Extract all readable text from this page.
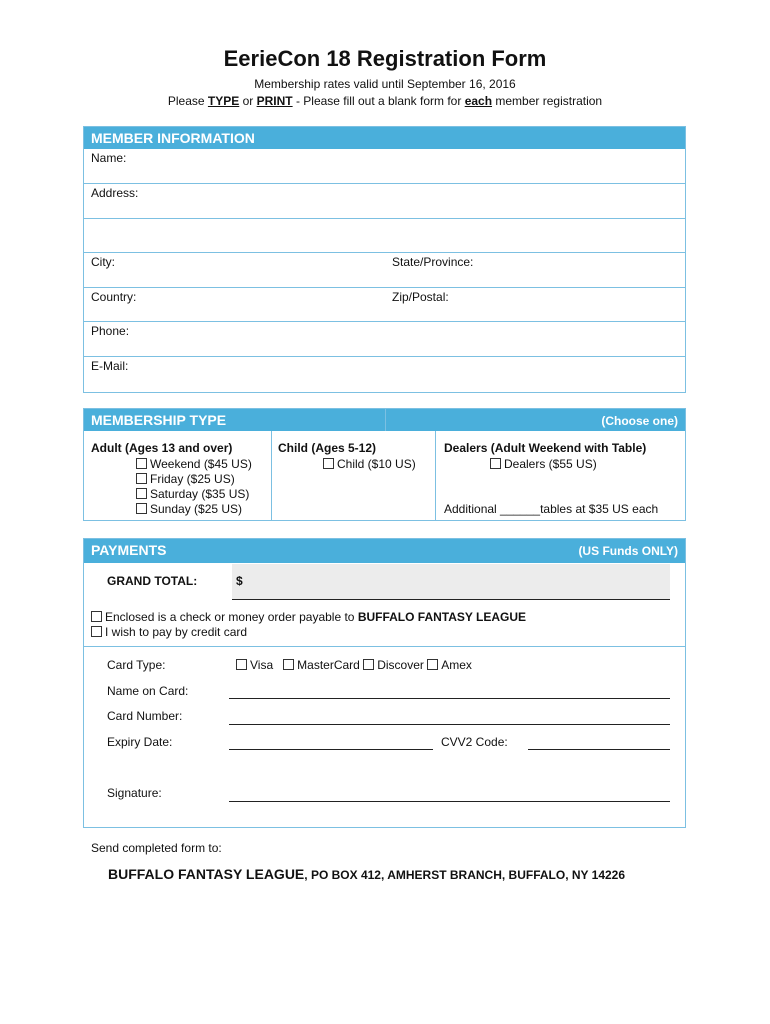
EerieCon 18 Registration Form
Membership rates valid until September 16, 2016
Please TYPE or PRINT - Please fill out a blank form for each member registration
MEMBER INFORMATION
Name:
Address:
City:	State/Province:
Country:	Zip/Postal:
Phone:
E-Mail:
MEMBERSHIP TYPE	(Choose one)
Adult (Ages 13 and over)
Weekend ($45 US)
Friday ($25 US)
Saturday ($35 US)
Sunday ($25 US)
Child (Ages 5-12)
Child ($10 US)
Dealers (Adult Weekend with Table)
Dealers ($55 US)
Additional ______tables at $35 US each
PAYMENTS	(US Funds ONLY)
GRAND TOTAL:	$
Enclosed is a check or money order payable to BUFFALO FANTASY LEAGUE
I wish to pay by credit card
Card Type:	Visa MasterCard Discover Amex
Name on Card:
Card Number:
Expiry Date:	CVV2 Code:
Signature:
Send completed form to:
BUFFALO FANTASY LEAGUE, PO BOX 412, AMHERST BRANCH, BUFFALO, NY 14226
